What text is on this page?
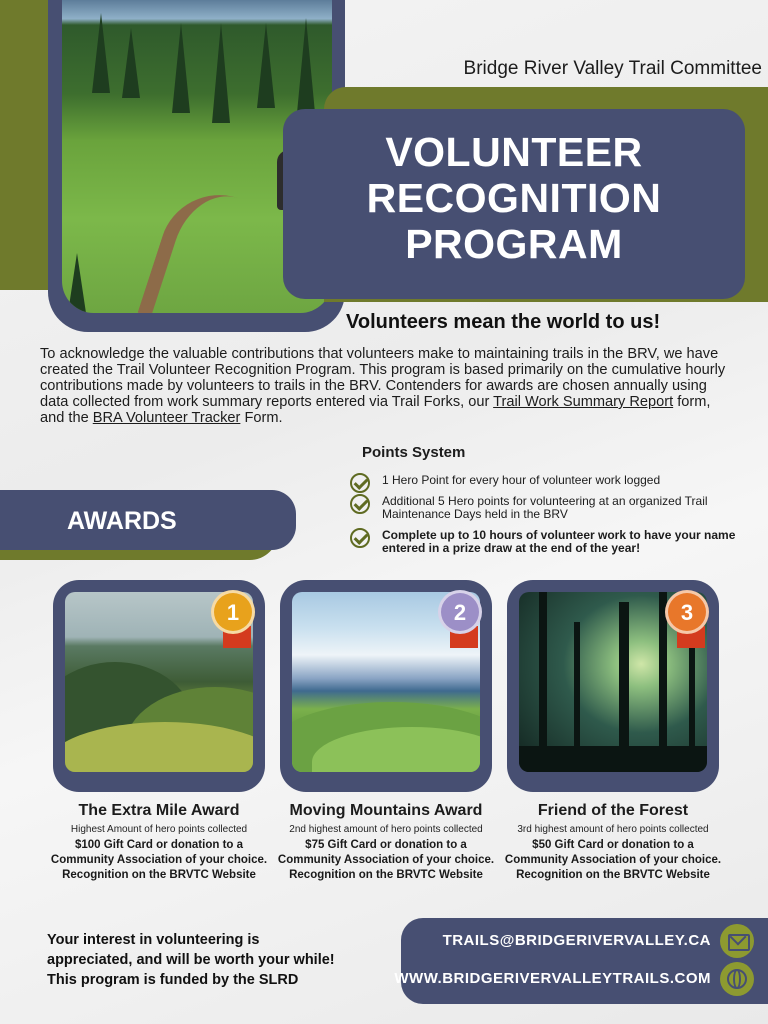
Bridge River Valley Trail Committee
VOLUNTEER
RECOGNITION
PROGRAM
Volunteers mean the world to us!
To acknowledge the valuable contributions that volunteers make to maintaining trails in the BRV, we have created the Trail Volunteer Recognition Program. This program is based primarily on the cumulative hourly contributions made by volunteers to trails in the BRV. Contenders for awards are chosen annually using data collected from work summary reports entered via Trail Forks, our Trail Work Summary Report form, and the BRA Volunteer Tracker Form.
Points System
1 Hero Point for every hour of volunteer work logged
Additional 5 Hero points for volunteering at an organized Trail Maintenance Days held in the BRV
Complete up to 10 hours of volunteer work to have your name entered in a prize draw at the end of the year!
AWARDS
1	2	3
The Extra Mile Award
Highest Amount of hero points collected
$100 Gift Card or donation to a
Community Association of your choice.
Recognition on the BRVTC Website
Moving Mountains Award
2nd highest amount of hero points collected
$75 Gift Card or donation to a
Community Association of your choice.
Recognition on the BRVTC Website
Friend of the Forest
3rd highest amount of hero points collected
$50 Gift Card or donation to a
Community Association of your choice.
Recognition on the BRVTC Website
Your interest in volunteering is
appreciated, and will be worth your while!
This program is funded by the SLRD
TRAILS@BRIDGERIVERVALLEY.CA
WWW.BRIDGERIVERVALLEYTRAILS.COM
